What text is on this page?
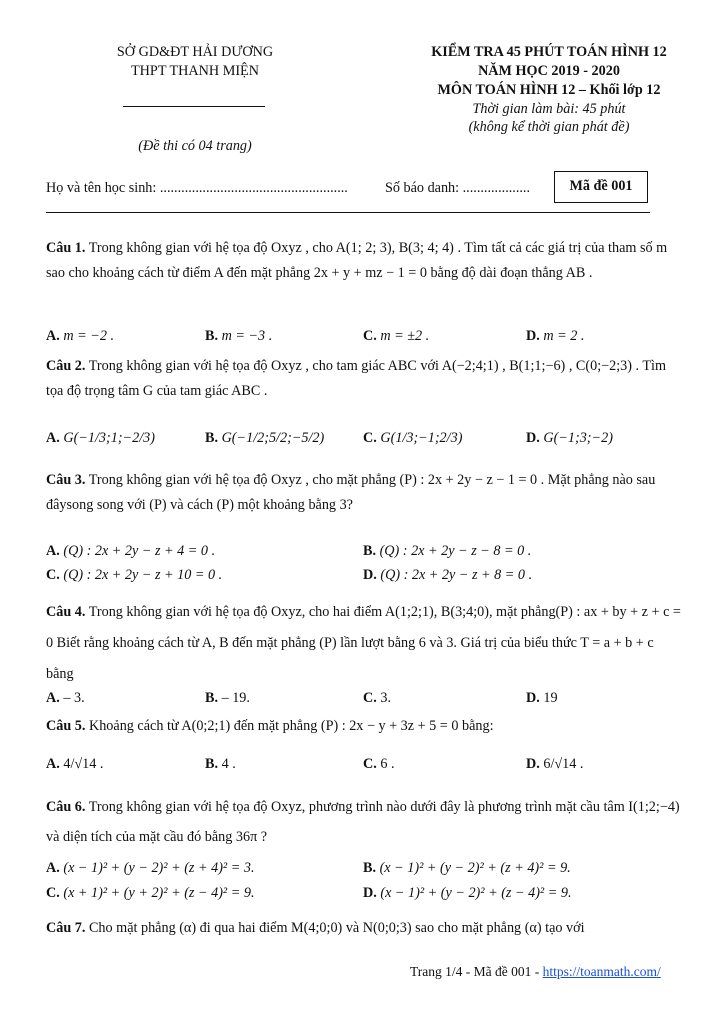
SỞ GD&ĐT HẢI DƯƠNG
THPT THANH MIỆN
(Đề thi có 04 trang)
KIỂM TRA 45 PHÚT TOÁN HÌNH 12
NĂM HỌC 2019 - 2020
MÔN TOÁN HÌNH 12 – Khối lớp 12
Thời gian làm bài: 45 phút
(không kể thời gian phát đề)
Họ và tên học sinh: .....................................................	Số báo danh: ...................	Mã đề 001
Câu 1. Trong không gian với hệ tọa độ Oxyz , cho A(1; 2; 3), B(3; 4; 4) . Tìm tất cả các giá trị của tham số m sao cho khoảng cách từ điểm A đến mặt phẳng 2x + y + mz − 1 = 0 bằng độ dài đoạn thẳng AB .
A. m = −2 .	B. m = −3 .	C. m = ±2 .	D. m = 2 .
Câu 2. Trong không gian với hệ tọa độ Oxyz , cho tam giác ABC với A(−2;4;1) , B(1;1;−6) , C(0;−2;3) . Tìm tọa độ trọng tâm G của tam giác ABC .
A. G(−1/3;1;−2/3)	B. G(−1/2;5/2;−5/2)	C. G(1/3;−1;2/3)	D. G(−1;3;−2)
Câu 3. Trong không gian với hệ tọa độ Oxyz , cho mặt phẳng (P) : 2x + 2y − z − 1 = 0 . Mặt phẳng nào sau đâysong song với (P) và cách (P) một khoảng bằng 3?
A. (Q) : 2x + 2y − z + 4 = 0 .	B. (Q) : 2x + 2y − z − 8 = 0 .
C. (Q) : 2x + 2y − z + 10 = 0 .	D. (Q) : 2x + 2y − z + 8 = 0 .
Câu 4. Trong không gian với hệ tọa độ Oxyz, cho hai điểm A(1;2;1), B(3;4;0), mặt phẳng(P) : ax + by + z + c = 0 Biết rằng khoảng cách từ A, B đến mặt phẳng (P) lần lượt bằng 6 và 3. Giá trị của biểu thức T = a + b + c bằng
A. – 3.	B. – 19.	C. 3.	D. 19
Câu 5. Khoảng cách từ A(0;2;1) đến mặt phẳng (P) : 2x − y + 3z + 5 = 0 bằng:
A. 4/√14 .	B. 4 .	C. 6 .	D. 6/√14 .
Câu 6. Trong không gian với hệ tọa độ Oxyz, phương trình nào dưới đây là phương trình mặt cầu tâm I(1;2;−4) và diện tích của mặt cầu đó bằng 36π ?
A. (x − 1)² + (y − 2)² + (z + 4)² = 3.	B. (x − 1)² + (y − 2)² + (z + 4)² = 9.
C. (x + 1)² + (y + 2)² + (z − 4)² = 9.	D. (x − 1)² + (y − 2)² + (z − 4)² = 9.
Câu 7. Cho mặt phẳng (α) đi qua hai điểm M(4;0;0) và N(0;0;3) sao cho mặt phẳng (α) tạo với
Trang 1/4 - Mã đề 001 - https://toanmath.com/
